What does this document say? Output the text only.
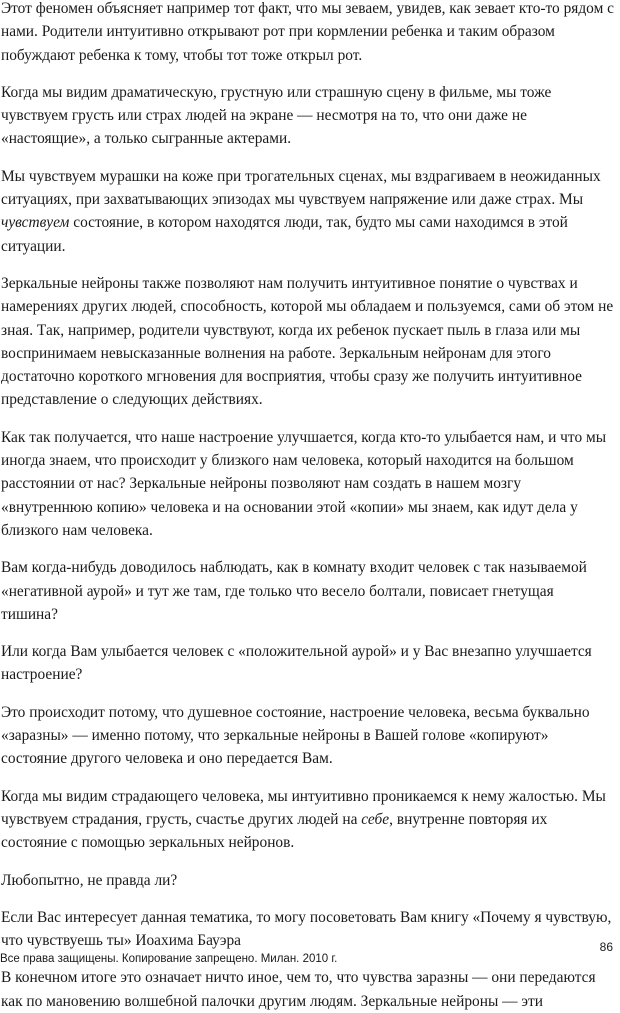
Этот феномен объясняет например тот факт, что мы зеваем, увидев, как зевает кто-то рядом с нами. Родители интуитивно открывают рот при кормлении ребенка и таким образом побуждают ребенка к тому, чтобы тот тоже открыл рот.

Когда мы видим драматическую, грустную или страшную сцену в фильме, мы тоже чувствуем грусть или страх людей на экране — несмотря на то, что они даже не «настоящие», а только сыгранные актерами.

Мы чувствуем мурашки на коже при трогательных сценах, мы вздрагиваем в неожиданных ситуациях, при захватывающих эпизодах мы чувствуем напряжение или даже страх. Мы чувствуем состояние, в котором находятся люди, так, будто мы сами находимся в этой ситуации.

Зеркальные нейроны также позволяют нам получить интуитивное понятие о чувствах и намерениях других людей, способность, которой мы обладаем и пользуемся, сами об этом не зная. Так, например, родители чувствуют, когда их ребенок пускает пыль в глаза или мы воспринимаем невысказанные волнения на работе. Зеркальным нейронам для этого достаточно короткого мгновения для восприятия, чтобы сразу же получить интуитивное представление о следующих действиях.

Как так получается, что наше настроение улучшается, когда кто-то улыбается нам, и что мы иногда знаем, что происходит у близкого нам человека, который находится на большом расстоянии от нас? Зеркальные нейроны позволяют нам создать в нашем мозгу «внутреннюю копию» человека и на основании этой «копии» мы знаем, как идут дела у близкого нам человека.

Вам когда-нибудь доводилось наблюдать, как в комнату входит человек с так называемой «негативной аурой» и тут же там, где только что весело болтали, повисает гнетущая тишина?

Или когда Вам улыбается человек с «положительной аурой» и у Вас внезапно улучшается настроение?

Это происходит потому, что душевное состояние, настроение человека, весьма буквально «заразны» — именно потому, что зеркальные нейроны в Вашей голове «копируют» состояние другого человека и оно передается Вам.

Когда мы видим страдающего человека, мы интуитивно проникаемся к нему жалостью. Мы чувствуем страдания, грусть, счастье других людей на себе, внутренне повторяя их состояние с помощью зеркальных нейронов.

Любопытно, не правда ли?

Если Вас интересует данная тематика, то могу посоветовать Вам книгу «Почему я чувствую, что чувствуешь ты» Иоахима Бауэра

В конечном итоге это означает ничто иное, чем то, что чувства заразны — они передаются как по мановению волшебной палочки другим людям. Зеркальные нейроны — эти

Все права защищены. Копирование запрещено. Милан. 2010 г.
86
